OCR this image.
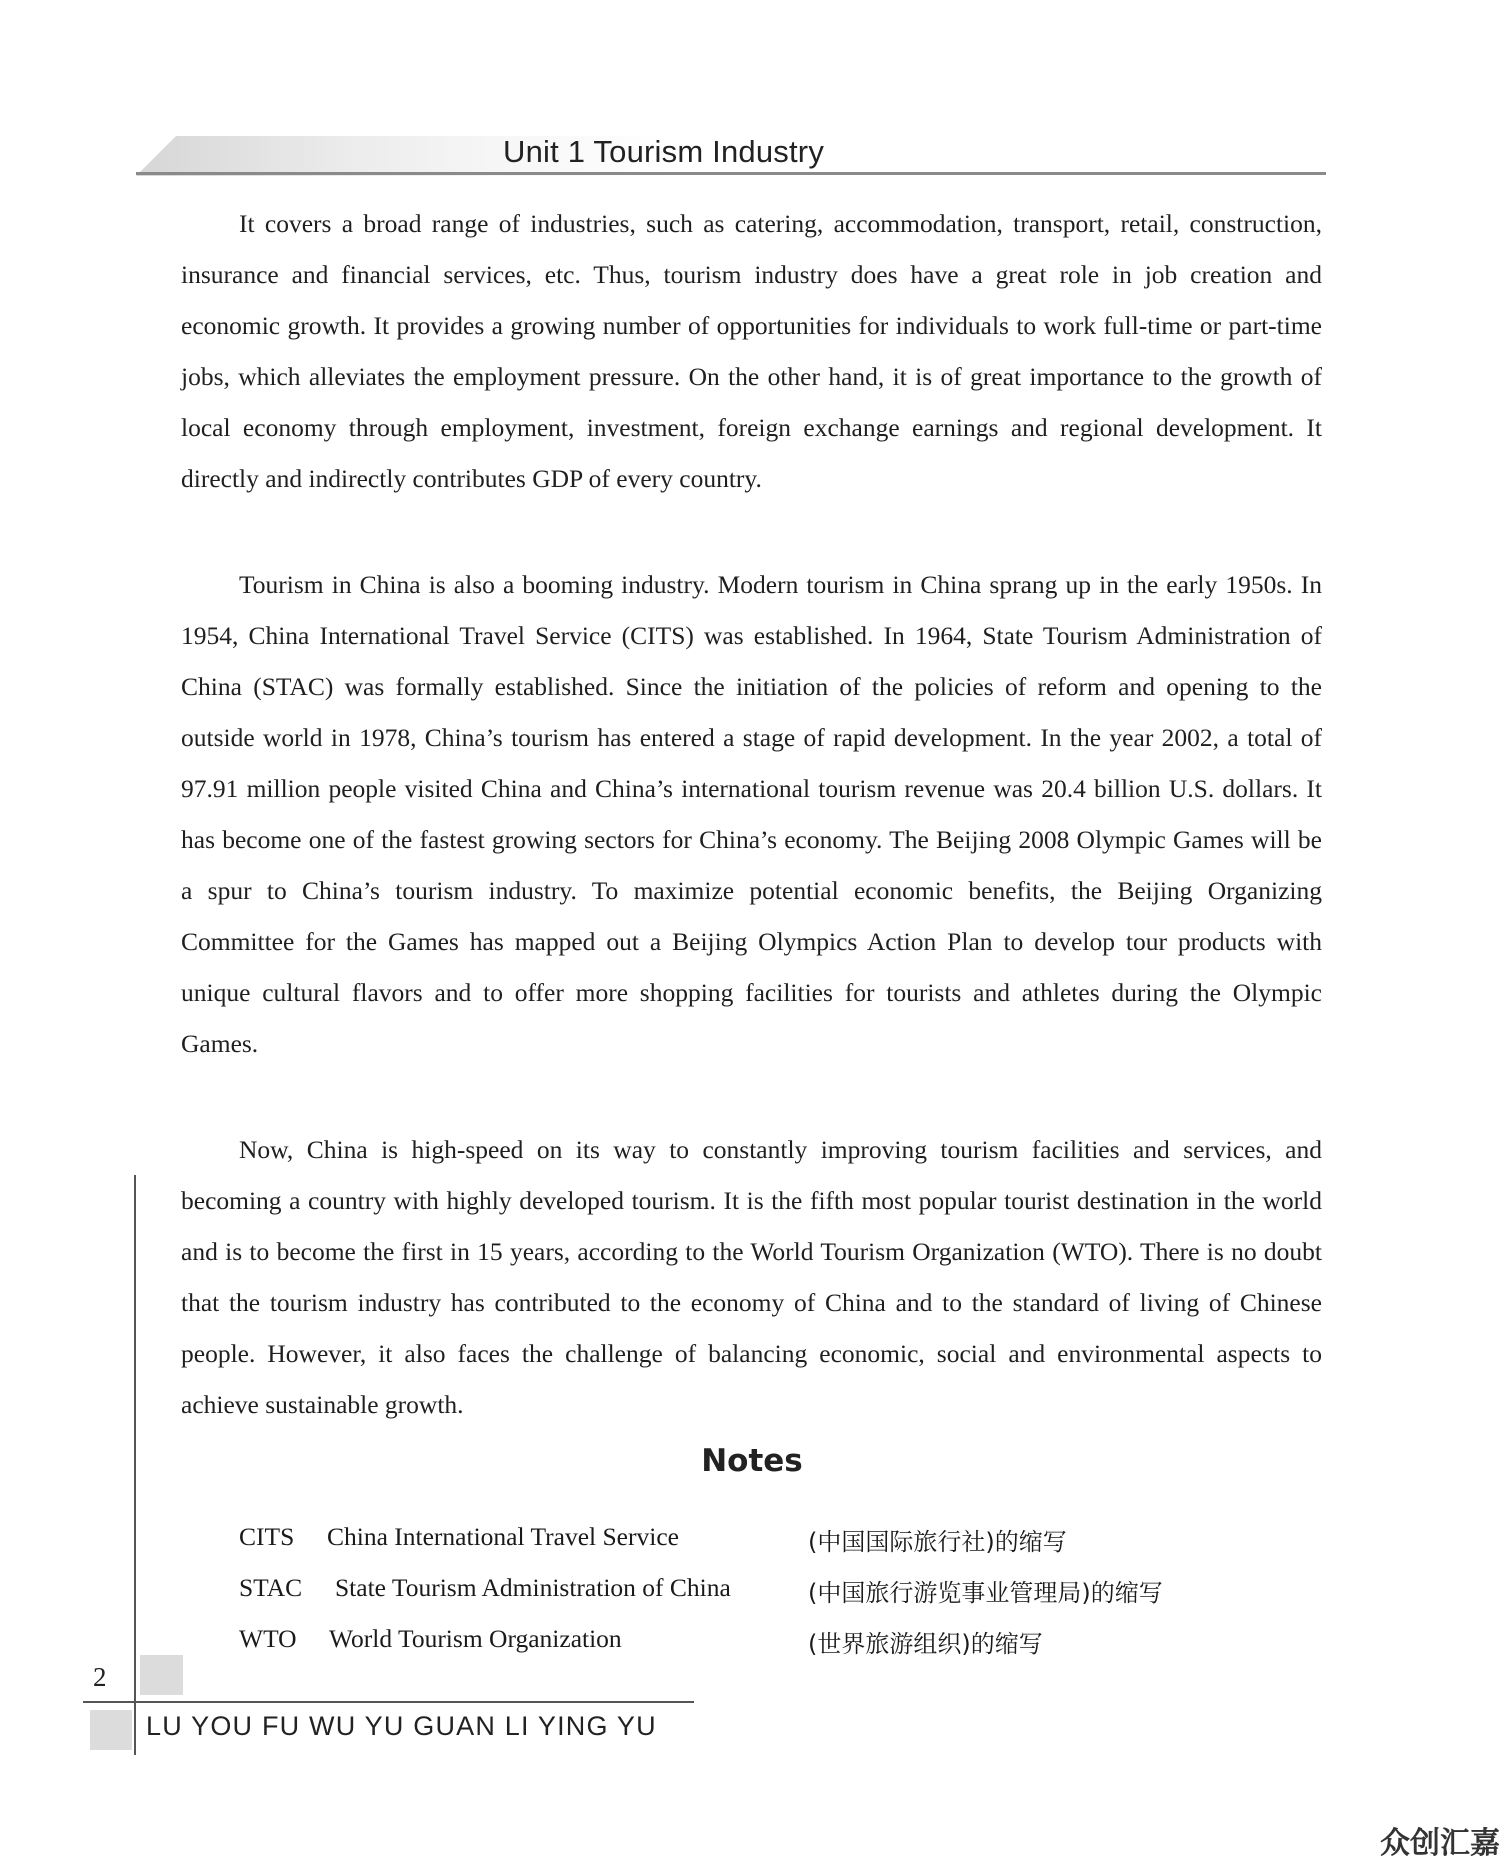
Unit 1 Tourism Industry

It covers a broad range of industries, such as catering, accommodation, transport, retail, construction, insurance and financial services, etc. Thus, tourism industry does have a great role in job creation and economic growth. It provides a growing number of opportunities for individuals to work full-time or part-time jobs, which alleviates the employment pressure. On the other hand, it is of great importance to the growth of local economy through employment, investment, foreign exchange earnings and regional development. It directly and indirectly contributes GDP of every country.

Tourism in China is also a booming industry. Modern tourism in China sprang up in the early 1950s. In 1954, China International Travel Service (CITS) was established. In 1964, State Tourism Administration of China (STAC) was formally established. Since the initiation of the policies of reform and opening to the outside world in 1978, China’s tourism has entered a stage of rapid development. In the year 2002, a total of 97.91 million people visited China and China’s international tourism revenue was 20.4 billion U.S. dollars. It has become one of the fastest growing sectors for China’s economy. The Beijing 2008 Olympic Games will be a spur to China’s tourism industry. To maximize potential economic benefits, the Beijing Organizing Committee for the Games has mapped out a Beijing Olympics Action Plan to develop tour products with unique cultural flavors and to offer more shopping facilities for tourists and athletes during the Olympic Games.

Now, China is high-speed on its way to constantly improving tourism facilities and services, and becoming a country with highly developed tourism. It is the fifth most popular tourist destination in the world and is to become the first in 15 years, according to the World Tourism Organization (WTO). There is no doubt that the tourism industry has contributed to the economy of China and to the standard of living of Chinese people. However, it also faces the challenge of balancing economic, social and environmental aspects to achieve sustainable growth.

Notes
CITS China International Travel Service	(中国国际旅行社)的缩写
STAC State Tourism Administration of China	(中国旅行游览事业管理局)的缩写
WTO World Tourism Organization	(世界旅游组织)的缩写
2
LU YOU FU WU YU GUAN LI YING YU
众创汇嘉
